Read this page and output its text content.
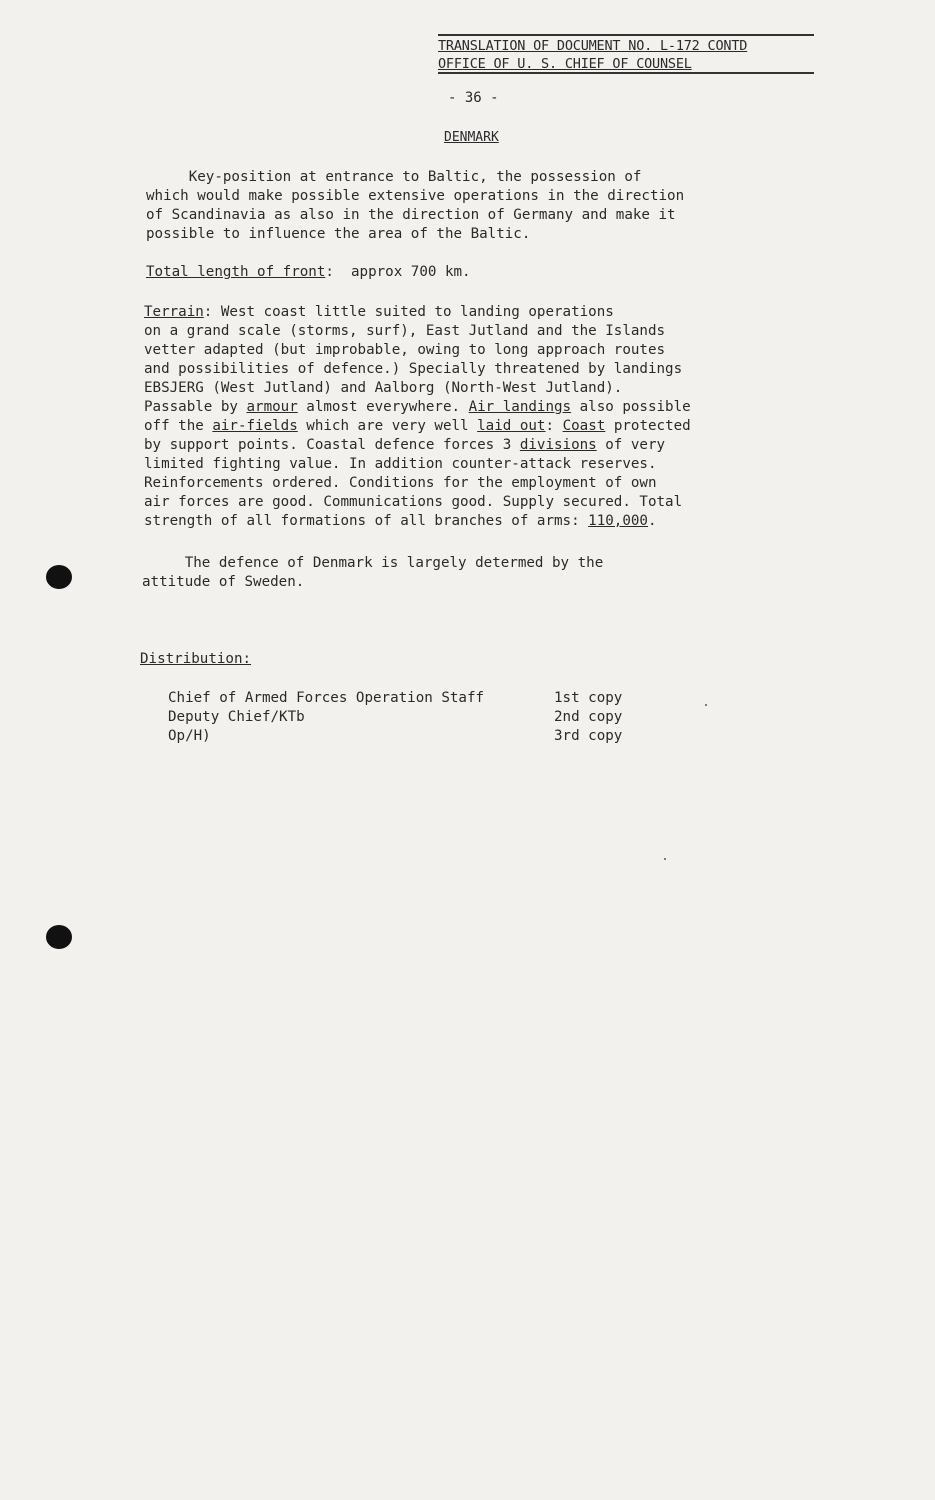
TRANSLATION OF DOCUMENT NO. L-172 CONTD
OFFICE OF U. S. CHIEF OF COUNSEL
- 36 -
DENMARK
Key-position at entrance to Baltic, the possession of
which would make possible extensive operations in the direction
of Scandinavia as also in the direction of Germany and make it
possible to influence the area of the Baltic.
Total length of front:  approx 700 km.
Terrain: West coast little suited to landing operations
on a grand scale (storms, surf), East Jutland and the Islands
vetter adapted (but improbable, owing to long approach routes
and possibilities of defence.) Specially threatened by landings
EBSJERG (West Jutland) and Aalborg (North-West Jutland).
Passable by armour almost everywhere. Air landings also possible
off the air-fields which are very well laid out: Coast protected
by support points. Coastal defence forces 3 divisions of very
limited fighting value. In addition counter-attack reserves.
Reinforcements ordered. Conditions for the employment of own
air forces are good. Communications good. Supply secured. Total
strength of all formations of all branches of arms: 110,000.
The defence of Denmark is largely determed by the
attitude of Sweden.
Distribution:
Chief of Armed Forces Operation Staff	1st copy
Deputy Chief/KTb	2nd copy
Op/H)	3rd copy
